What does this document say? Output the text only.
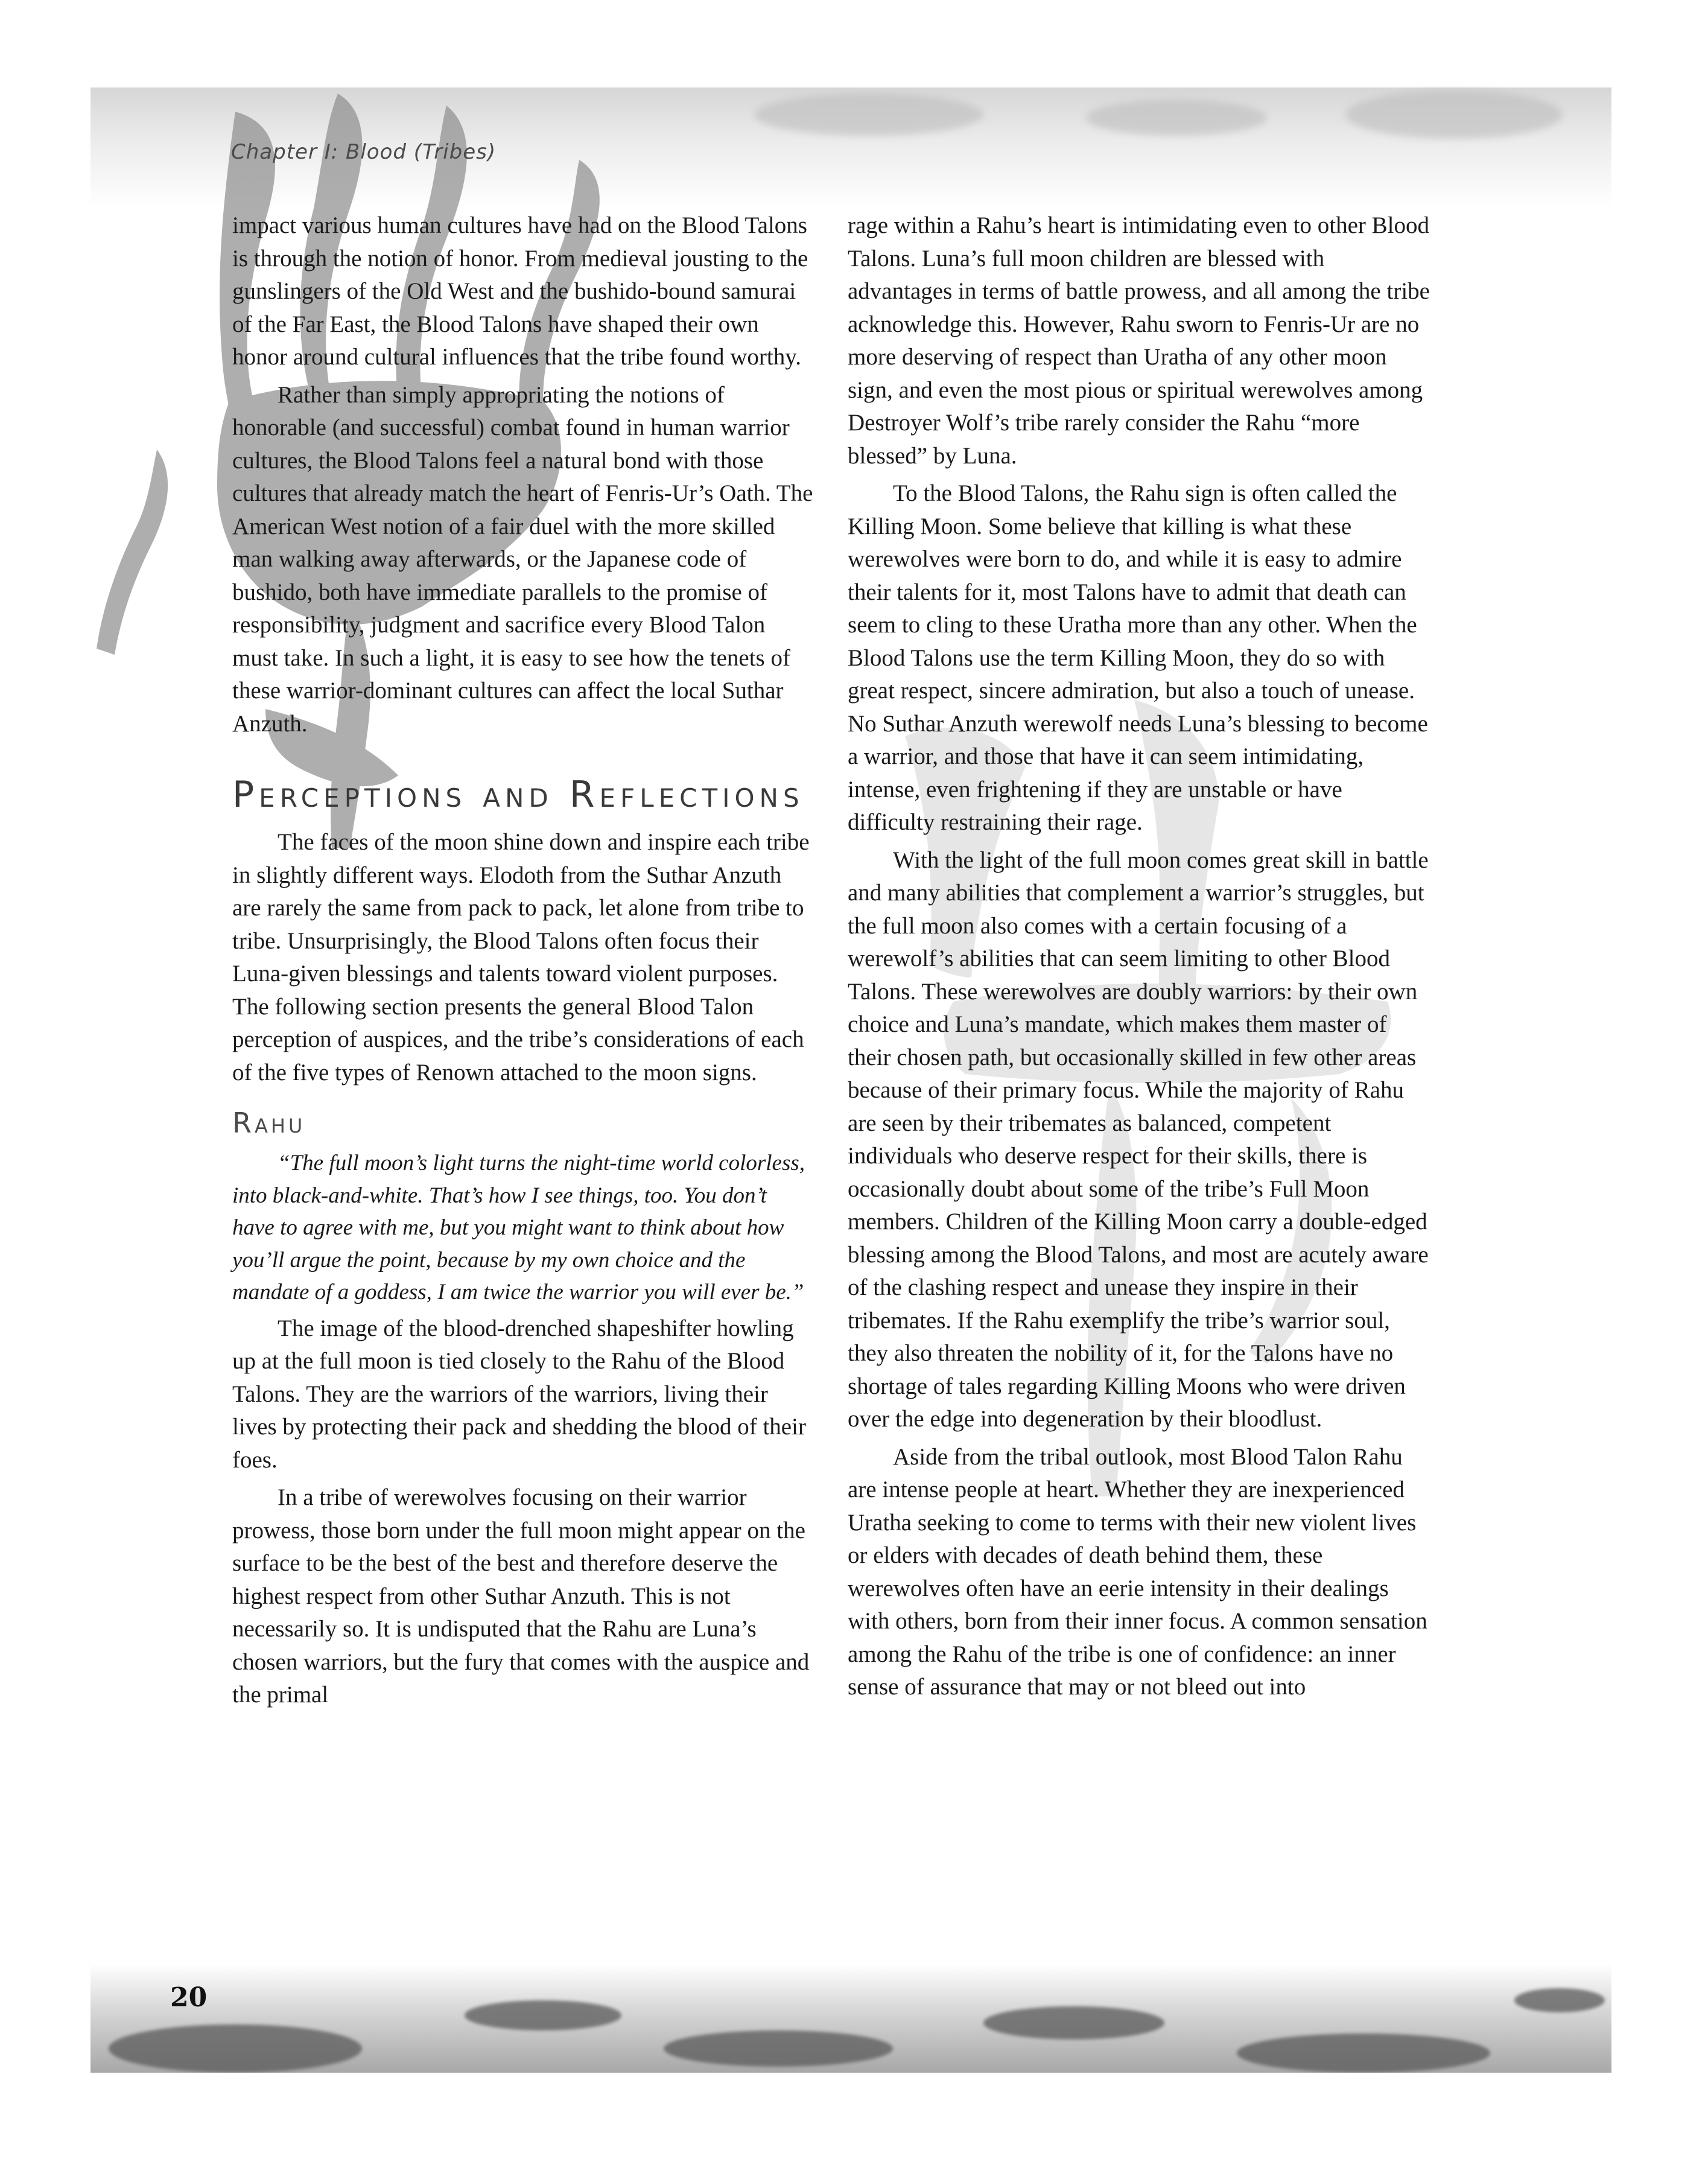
Chapter I: Blood (Tribes)

impact various human cultures have had on the Blood Talons is through the notion of honor. From medieval jousting to the gunslingers of the Old West and the bushido-bound samurai of the Far East, the Blood Talons have shaped their own honor around cultural influences that the tribe found worthy.

Rather than simply appropriating the notions of honorable (and successful) combat found in human warrior cultures, the Blood Talons feel a natural bond with those cultures that already match the heart of Fenris-Ur’s Oath. The American West notion of a fair duel with the more skilled man walking away afterwards, or the Japanese code of bushido, both have immediate parallels to the promise of responsibility, judgment and sacrifice every Blood Talon must take. In such a light, it is easy to see how the tenets of these warrior-dominant cultures can affect the local Suthar Anzuth.

Perceptions and Reflections

The faces of the moon shine down and inspire each tribe in slightly different ways. Elodoth from the Suthar Anzuth are rarely the same from pack to pack, let alone from tribe to tribe. Unsurprisingly, the Blood Talons often focus their Luna-given blessings and talents toward violent purposes. The following section presents the general Blood Talon perception of auspices, and the tribe’s considerations of each of the five types of Renown attached to the moon signs.

Rahu

“The full moon’s light turns the night-time world colorless, into black-and-white. That’s how I see things, too. You don’t have to agree with me, but you might want to think about how you’ll argue the point, because by my own choice and the mandate of a goddess, I am twice the warrior you will ever be.”

The image of the blood-drenched shapeshifter howling up at the full moon is tied closely to the Rahu of the Blood Talons. They are the warriors of the warriors, living their lives by protecting their pack and shedding the blood of their foes.

In a tribe of werewolves focusing on their warrior prowess, those born under the full moon might appear on the surface to be the best of the best and therefore deserve the highest respect from other Suthar Anzuth. This is not necessarily so. It is undisputed that the Rahu are Luna’s chosen warriors, but the fury that comes with the auspice and the primal

rage within a Rahu’s heart is intimidating even to other Blood Talons. Luna’s full moon children are blessed with advantages in terms of battle prowess, and all among the tribe acknowledge this. However, Rahu sworn to Fenris-Ur are no more deserving of respect than Uratha of any other moon sign, and even the most pious or spiritual werewolves among Destroyer Wolf’s tribe rarely consider the Rahu “more blessed” by Luna.

To the Blood Talons, the Rahu sign is often called the Killing Moon. Some believe that killing is what these werewolves were born to do, and while it is easy to admire their talents for it, most Talons have to admit that death can seem to cling to these Uratha more than any other. When the Blood Talons use the term Killing Moon, they do so with great respect, sincere admiration, but also a touch of unease. No Suthar Anzuth werewolf needs Luna’s blessing to become a warrior, and those that have it can seem intimidating, intense, even frightening if they are unstable or have difficulty restraining their rage.

With the light of the full moon comes great skill in battle and many abilities that complement a warrior’s struggles, but the full moon also comes with a certain focusing of a werewolf’s abilities that can seem limiting to other Blood Talons. These werewolves are doubly warriors: by their own choice and Luna’s mandate, which makes them master of their chosen path, but occasionally skilled in few other areas because of their primary focus. While the majority of Rahu are seen by their tribemates as balanced, competent individuals who deserve respect for their skills, there is occasionally doubt about some of the tribe’s Full Moon members. Children of the Killing Moon carry a double-edged blessing among the Blood Talons, and most are acutely aware of the clashing respect and unease they inspire in their tribemates. If the Rahu exemplify the tribe’s warrior soul, they also threaten the nobility of it, for the Talons have no shortage of tales regarding Killing Moons who were driven over the edge into degeneration by their bloodlust.

Aside from the tribal outlook, most Blood Talon Rahu are intense people at heart. Whether they are inexperienced Uratha seeking to come to terms with their new violent lives or elders with decades of death behind them, these werewolves often have an eerie intensity in their dealings with others, born from their inner focus. A common sensation among the Rahu of the tribe is one of confidence: an inner sense of assurance that may or not bleed out into

20
